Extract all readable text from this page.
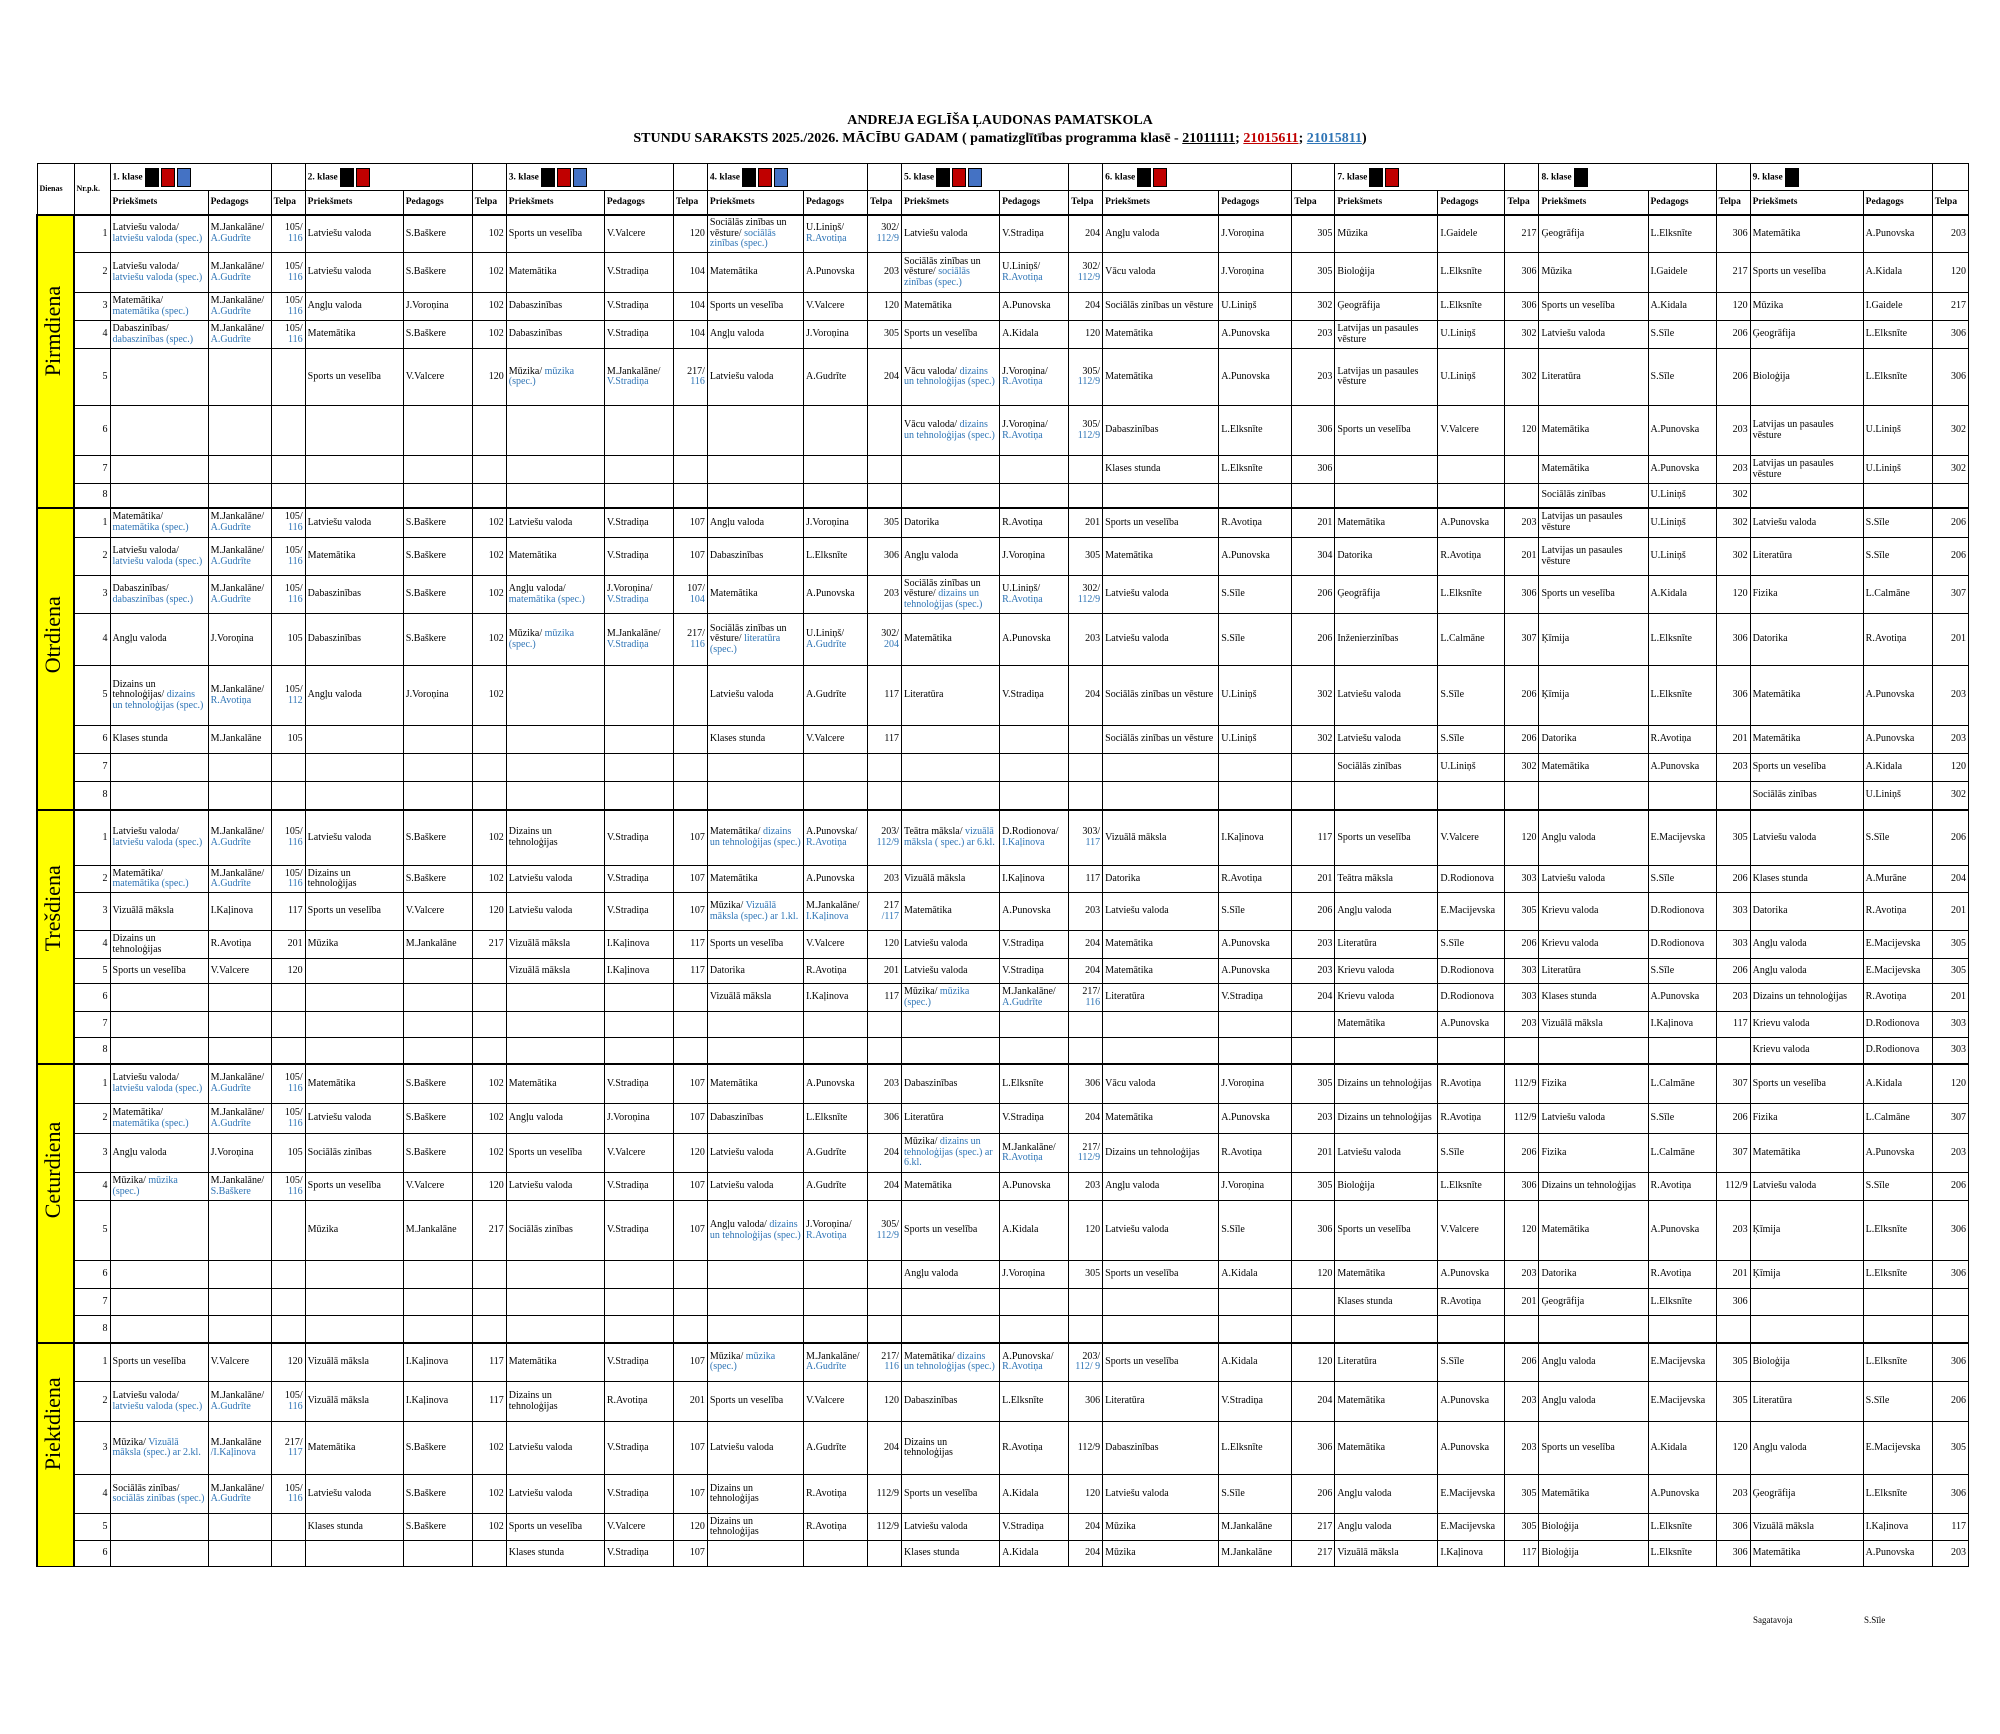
ANDREJA EGLĪŠA ĻAUDONAS PAMATSKOLA
STUNDU SARAKSTS 2025./2026. MĀCĪBU GADAM ( pamatizglītības programma klasē - 21011111; 21015611; 21015811)
Dienas	Nr.p.k.	1. klase			2. klase			3. klase			4. klase			5. klase			6. klase			7. klase			8. klase			9. klase		
		Priekšmets	Pedagogs	Telpa	Priekšmets	Pedagogs	Telpa	Priekšmets	Pedagogs	Telpa	Priekšmets	Pedagogs	Telpa	Priekšmets	Pedagogs	Telpa	Priekšmets	Pedagogs	Telpa	Priekšmets	Pedagogs	Telpa	Priekšmets	Pedagogs	Telpa	Priekšmets	Pedagogs	Telpa

Pirmdiena	1	Latviešu valoda/ latviešu valoda (spec.)	M.Jankalāne/ A.Gudrīte	105/ 116	Latviešu valoda	S.Baškere	102	Sports un veselība	V.Valcere	120	Sociālās zinības un vēsture/ sociālās zinības (spec.)	U.Liniņš/ R.Avotiņa	302/ 112/9	Latviešu valoda	V.Stradiņa	204	Angļu valoda	J.Voroņina	305	Mūzika	I.Gaidele	217	Ģeogrāfija	L.Elksnīte	306	Matemātika	A.Punovska	203
	2	Latviešu valoda/ latviešu valoda (spec.)	M.Jankalāne/ A.Gudrīte	105/ 116	Latviešu valoda	S.Baškere	102	Matemātika	V.Stradiņa	104	Matemātika	A.Punovska	203	Sociālās zinības un vēsture/ sociālās zinības (spec.)	U.Liniņš/ R.Avotiņa	302/ 112/9	Vācu valoda	J.Voroņina	305	Bioloģija	L.Elksnīte	306	Mūzika	I.Gaidele	217	Sports un veselība	A.Kidala	120
	3	Matemātika/ matemātika (spec.)	M.Jankalāne/ A.Gudrīte	105/ 116	Angļu valoda	J.Voroņina	102	Dabaszinības	V.Stradiņa	104	Sports un veselība	V.Valcere	120	Matemātika	A.Punovska	204	Sociālās zinības un vēsture	U.Liniņš	302	Ģeogrāfija	L.Elksnīte	306	Sports un veselība	A.Kidala	120	Mūzika	I.Gaidele	217
	4	Dabaszinības/ dabaszinības (spec.)	M.Jankalāne/ A.Gudrīte	105/ 116	Matemātika	S.Baškere	102	Dabaszinības	V.Stradiņa	104	Angļu valoda	J.Voroņina	305	Sports un veselība	A.Kidala	120	Matemātika	A.Punovska	203	Latvijas un pasaules vēsture	U.Liniņš	302	Latviešu valoda	S.Sīle	206	Ģeogrāfija	L.Elksnīte	306
	5				Sports un veselība	V.Valcere	120	Mūzika/ mūzika (spec.)	M.Jankalāne/ V.Stradiņa	217/ 116	Latviešu valoda	A.Gudrīte	204	Vācu valoda/ dizains un tehnoloģijas (spec.)	J.Voroņina/ R.Avotiņa	305/ 112/9	Matemātika	A.Punovska	203	Latvijas un pasaules vēsture	U.Liniņš	302	Literatūra	S.Sīle	206	Bioloģija	L.Elksnīte	306
	6													Vācu valoda/ dizains un tehnoloģijas (spec.)	J.Voroņina/ R.Avotiņa	305/ 112/9	Dabaszinības	L.Elksnīte	306	Sports un veselība	V.Valcere	120	Matemātika	A.Punovska	203	Latvijas un pasaules vēsture	U.Liniņš	302
	7																Klases stunda	L.Elksnīte	306				Matemātika	A.Punovska	203	Latvijas un pasaules vēsture	U.Liniņš	302
	8																						Sociālās zinības	U.Liniņš	302			

Otrdiena	1	Matemātika/ matemātika (spec.)	M.Jankalāne/ A.Gudrīte	105/ 116	Latviešu valoda	S.Baškere	102	Latviešu valoda	V.Stradiņa	107	Angļu valoda	J.Voroņina	305	Datorika	R.Avotiņa	201	Sports un veselība	R.Avotiņa	201	Matemātika	A.Punovska	203	Latvijas un pasaules vēsture	U.Liniņš	302	Latviešu valoda	S.Sīle	206
	2	Latviešu valoda/ latviešu valoda (spec.)	M.Jankalāne/ A.Gudrīte	105/ 116	Matemātika	S.Baškere	102	Matemātika	V.Stradiņa	107	Dabaszinības	L.Elksnīte	306	Angļu valoda	J.Voroņina	305	Matemātika	A.Punovska	304	Datorika	R.Avotiņa	201	Latvijas un pasaules vēsture	U.Liniņš	302	Literatūra	S.Sīle	206
	3	Dabaszinības/ dabaszinības (spec.)	M.Jankalāne/ A.Gudrīte	105/ 116	Dabaszinības	S.Baškere	102	Angļu valoda/ matemātika (spec.)	J.Voroņina/ V.Stradiņa	107/ 104	Matemātika	A.Punovska	203	Sociālās zinības un vēsture/ dizains un tehnoloģijas (spec.)	U.Liniņš/ R.Avotiņa	302/ 112/9	Latviešu valoda	S.Sīle	206	Ģeogrāfija	L.Elksnīte	306	Sports un veselība	A.Kidala	120	Fizika	L.Calmāne	307
	4	Angļu valoda	J.Voroņina	105	Dabaszinības	S.Baškere	102	Mūzika/ mūzika (spec.)	M.Jankalāne/ V.Stradiņa	217/ 116	Sociālās zinības un vēsture/ literatūra (spec.)	U.Liniņš/ A.Gudrīte	302/ 204	Matemātika	A.Punovska	203	Latviešu valoda	S.Sīle	206	Inženierzinības	L.Calmāne	307	Ķīmija	L.Elksnīte	306	Datorika	R.Avotiņa	201
	5	Dizains un tehnoloģijas/ dizains un tehnoloģijas (spec.)	M.Jankalāne/ R.Avotiņa	105/ 112	Angļu valoda	J.Voroņina	102				Latviešu valoda	A.Gudrīte	117	Literatūra	V.Stradiņa	204	Sociālās zinības un vēsture	U.Liniņš	302	Latviešu valoda	S.Sīle	206	Ķīmija	L.Elksnīte	306	Matemātika	A.Punovska	203
	6	Klases stunda	M.Jankalāne	105							Klases stunda	V.Valcere	117				Sociālās zinības un vēsture	U.Liniņš	302	Latviešu valoda	S.Sīle	206	Datorika	R.Avotiņa	201	Matemātika	A.Punovska	203
	7																			Sociālās zinības	U.Liniņš	302	Matemātika	A.Punovska	203	Sports un veselība	A.Kidala	120
	8																									Sociālās zinības	U.Liniņš	302

Trešdiena	1	Latviešu valoda/ latviešu valoda (spec.)	M.Jankalāne/ A.Gudrīte	105/ 116	Latviešu valoda	S.Baškere	102	Dizains un tehnoloģijas	V.Stradiņa	107	Matemātika/ dizains un tehnoloģijas (spec.)	A.Punovska/ R.Avotiņa	203/ 112/9	Teātra māksla/ vizuālā māksla ( spec.) ar 6.kl.	D.Rodionova/ I.Kaļinova	303/ 117	Vizuālā māksla	I.Kaļinova	117	Sports un veselība	V.Valcere	120	Angļu valoda	E.Macijevska	305	Latviešu valoda	S.Sīle	206
	2	Matemātika/ matemātika (spec.)	M.Jankalāne/ A.Gudrīte	105/ 116	Dizains un tehnoloģijas	S.Baškere	102	Latviešu valoda	V.Stradiņa	107	Matemātika	A.Punovska	203	Vizuālā māksla	I.Kaļinova	117	Datorika	R.Avotiņa	201	Teātra māksla	D.Rodionova	303	Latviešu valoda	S.Sīle	206	Klases stunda	A.Murāne	204
	3	Vizuālā māksla	I.Kaļinova	117	Sports un veselība	V.Valcere	120	Latviešu valoda	V.Stradiņa	107	Mūzika/ Vizuālā māksla (spec.) ar 1.kl.	M.Jankalāne/ I.Kaļinova	217 /117	Matemātika	A.Punovska	203	Latviešu valoda	S.Sīle	206	Angļu valoda	E.Macijevska	305	Krievu valoda	D.Rodionova	303	Datorika	R.Avotiņa	201
	4	Dizains un tehnoloģijas	R.Avotiņa	201	Mūzika	M.Jankalāne	217	Vizuālā māksla	I.Kaļinova	117	Sports un veselība	V.Valcere	120	Latviešu valoda	V.Stradiņa	204	Matemātika	A.Punovska	203	Literatūra	S.Sīle	206	Krievu valoda	D.Rodionova	303	Angļu valoda	E.Macijevska	305
	5	Sports un veselība	V.Valcere	120				Vizuālā māksla	I.Kaļinova	117	Datorika	R.Avotiņa	201	Latviešu valoda	V.Stradiņa	204	Matemātika	A.Punovska	203	Krievu valoda	D.Rodionova	303	Literatūra	S.Sīle	206	Angļu valoda	E.Macijevska	305
	6										Vizuālā māksla	I.Kaļinova	117	Mūzika/ mūzika (spec.)	M.Jankalāne/ A.Gudrīte	217/ 116	Literatūra	V.Stradiņa	204	Krievu valoda	D.Rodionova	303	Klases stunda	A.Punovska	203	Dizains un tehnoloģijas	R.Avotiņa	201
	7																			Matemātika	A.Punovska	203	Vizuālā māksla	I.Kaļinova	117	Krievu valoda	D.Rodionova	303
	8																									Krievu valoda	D.Rodionova	303

Ceturdiena	1	Latviešu valoda/ latviešu valoda (spec.)	M.Jankalāne/ A.Gudrīte	105/ 116	Matemātika	S.Baškere	102	Matemātika	V.Stradiņa	107	Matemātika	A.Punovska	203	Dabaszinības	L.Elksnīte	306	Vācu valoda	J.Voroņina	305	Dizains un tehnoloģijas	R.Avotiņa	112/9	Fizika	L.Calmāne	307	Sports un veselība	A.Kidala	120
	2	Matemātika/ matemātika (spec.)	M.Jankalāne/ A.Gudrīte	105/ 116	Latviešu valoda	S.Baškere	102	Angļu valoda	J.Voroņina	107	Dabaszinības	L.Elksnīte	306	Literatūra	V.Stradiņa	204	Matemātika	A.Punovska	203	Dizains un tehnoloģijas	R.Avotiņa	112/9	Latviešu valoda	S.Sīle	206	Fizika	L.Calmāne	307
	3	Angļu valoda	J.Voroņina	105	Sociālās zinības	S.Baškere	102	Sports un veselība	V.Valcere	120	Latviešu valoda	A.Gudrīte	204	Mūzika/ dizains un tehnoloģijas (spec.) ar 6.kl.	M.Jankalāne/ R.Avotiņa	217/ 112/9	Dizains un tehnoloģijas	R.Avotiņa	201	Latviešu valoda	S.Sīle	206	Fizika	L.Calmāne	307	Matemātika	A.Punovska	203
	4	Mūzika/ mūzika (spec.)	M.Jankalāne/ S.Baškere	105/ 116	Sports un veselība	V.Valcere	120	Latviešu valoda	V.Stradiņa	107	Latviešu valoda	A.Gudrīte	204	Matemātika	A.Punovska	203	Angļu valoda	J.Voroņina	305	Bioloģija	L.Elksnīte	306	Dizains un tehnoloģijas	R.Avotiņa	112/9	Latviešu valoda	S.Sīle	206
	5				Mūzika	M.Jankalāne	217	Sociālās zinības	V.Stradiņa	107	Angļu valoda/ dizains un tehnoloģijas (spec.)	J.Voroņina/ R.Avotiņa	305/ 112/9	Sports un veselība	A.Kidala	120	Latviešu valoda	S.Sīle	306	Sports un veselība	V.Valcere	120	Matemātika	A.Punovska	203	Ķīmija	L.Elksnīte	306
	6													Angļu valoda	J.Voroņina	305	Sports un veselība	A.Kidala	120	Matemātika	A.Punovska	203	Datorika	R.Avotiņa	201	Ķīmija	L.Elksnīte	306
	7																			Klases stunda	R.Avotiņa	201	Ģeogrāfija	L.Elksnīte	306			
	8																											

Piektdiena	1	Sports un veselība	V.Valcere	120	Vizuālā māksla	I.Kaļinova	117	Matemātika	V.Stradiņa	107	Mūzika/ mūzika (spec.)	M.Jankalāne/ A.Gudrīte	217/ 116	Matemātika/ dizains un tehnoloģijas (spec.)	A.Punovska/ R.Avotiņa	203/ 112/ 9	Sports un veselība	A.Kidala	120	Literatūra	S.Sīle	206	Angļu valoda	E.Macijevska	305	Bioloģija	L.Elksnīte	306
	2	Latviešu valoda/ latviešu valoda (spec.)	M.Jankalāne/ A.Gudrīte	105/ 116	Vizuālā māksla	I.Kaļinova	117	Dizains un tehnoloģijas	R.Avotiņa	201	Sports un veselība	V.Valcere	120	Dabaszinības	L.Elksnīte	306	Literatūra	V.Stradiņa	204	Matemātika	A.Punovska	203	Angļu valoda	E.Macijevska	305	Literatūra	S.Sīle	206
	3	Mūzika/ Vizuālā māksla (spec.) ar 2.kl.	M.Jankalāne /I.Kaļinova	217/ 117	Matemātika	S.Baškere	102	Latviešu valoda	V.Stradiņa	107	Latviešu valoda	A.Gudrīte	204	Dizains un tehnoloģijas	R.Avotiņa	112/9	Dabaszinības	L.Elksnīte	306	Matemātika	A.Punovska	203	Sports un veselība	A.Kidala	120	Angļu valoda	E.Macijevska	305
	4	Sociālās zinības/ sociālās zinības (spec.)	M.Jankalāne/ A.Gudrīte	105/ 116	Latviešu valoda	S.Baškere	102	Latviešu valoda	V.Stradiņa	107	Dizains un tehnoloģijas	R.Avotiņa	112/9	Sports un veselība	A.Kidala	120	Latviešu valoda	S.Sīle	206	Angļu valoda	E.Macijevska	305	Matemātika	A.Punovska	203	Ģeogrāfija	L.Elksnīte	306
	5				Klases stunda	S.Baškere	102	Sports un veselība	V.Valcere	120	Dizains un tehnoloģijas	R.Avotiņa	112/9	Latviešu valoda	V.Stradiņa	204	Mūzika	M.Jankalāne	217	Angļu valoda	E.Macijevska	305	Bioloģija	L.Elksnīte	306	Vizuālā māksla	I.Kaļinova	117
	6							Klases stunda	V.Stradiņa	107				Klases stunda	A.Kidala	204	Mūzika	M.Jankalāne	217	Vizuālā māksla	I.Kaļinova	117	Bioloģija	L.Elksnīte	306	Matemātika	A.Punovska	203
Sagatavoja	S.Sīle
